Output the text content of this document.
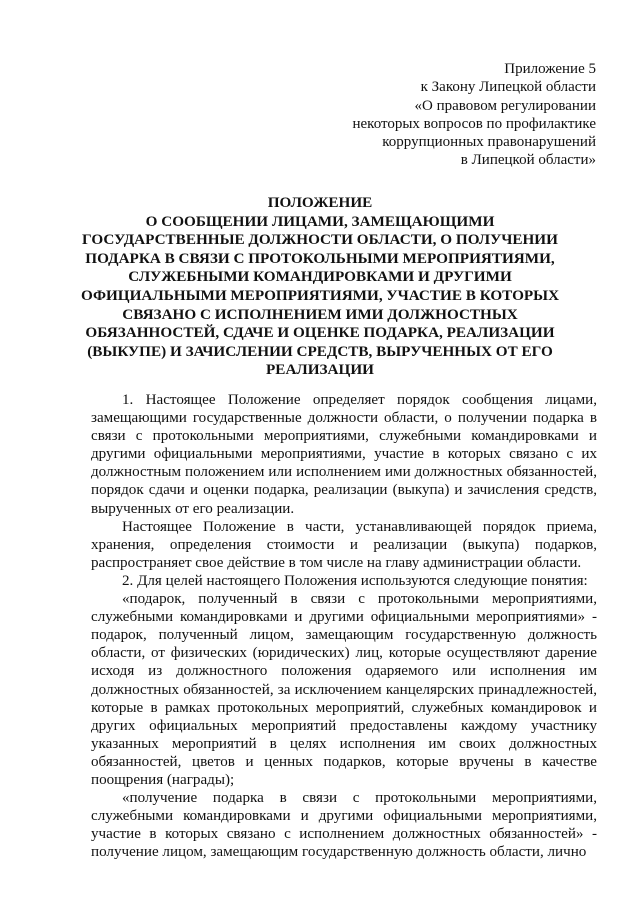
Приложение 5
к Закону Липецкой области
«О правовом регулировании
некоторых вопросов по профилактике
коррупционных правонарушений
в Липецкой области»
ПОЛОЖЕНИЕ
О СООБЩЕНИИ ЛИЦАМИ, ЗАМЕЩАЮЩИМИ
ГОСУДАРСТВЕННЫЕ ДОЛЖНОСТИ ОБЛАСТИ, О ПОЛУЧЕНИИ
ПОДАРКА В СВЯЗИ С ПРОТОКОЛЬНЫМИ МЕРОПРИЯТИЯМИ,
СЛУЖЕБНЫМИ КОМАНДИРОВКАМИ И ДРУГИМИ
ОФИЦИАЛЬНЫМИ МЕРОПРИЯТИЯМИ, УЧАСТИЕ В КОТОРЫХ
СВЯЗАНО С ИСПОЛНЕНИЕМ ИМИ ДОЛЖНОСТНЫХ
ОБЯЗАННОСТЕЙ, СДАЧЕ И ОЦЕНКЕ ПОДАРКА, РЕАЛИЗАЦИИ
(ВЫКУПЕ) И ЗАЧИСЛЕНИИ СРЕДСТВ, ВЫРУЧЕННЫХ ОТ ЕГО
РЕАЛИЗАЦИИ

1. Настоящее Положение определяет порядок сообщения лицами, замещающими государственные должности области, о получении подарка в связи с протокольными мероприятиями, служебными командировками и другими официальными мероприятиями, участие в которых связано с их должностным положением или исполнением ими должностных обязанностей, порядок сдачи и оценки подарка, реализации (выкупа) и зачисления средств, вырученных от его реализации.

Настоящее Положение в части, устанавливающей порядок приема, хранения, определения стоимости и реализации (выкупа) подарков, распространяет свое действие в том числе на главу администрации области.

2. Для целей настоящего Положения используются следующие понятия:

«подарок, полученный в связи с протокольными мероприятиями, служебными командировками и другими официальными мероприятиями» - подарок, полученный лицом, замещающим государственную должность области, от физических (юридических) лиц, которые осуществляют дарение исходя из должностного положения одаряемого или исполнения им должностных обязанностей, за исключением канцелярских принадлежностей, которые в рамках протокольных мероприятий, служебных командировок и других официальных мероприятий предоставлены каждому участнику указанных мероприятий в целях исполнения им своих должностных обязанностей, цветов и ценных подарков, которые вручены в качестве поощрения (награды);

«получение подарка в связи с протокольными мероприятиями, служебными командировками и другими официальными мероприятиями, участие в которых связано с исполнением должностных обязанностей» - получение лицом, замещающим государственную должность области, лично
